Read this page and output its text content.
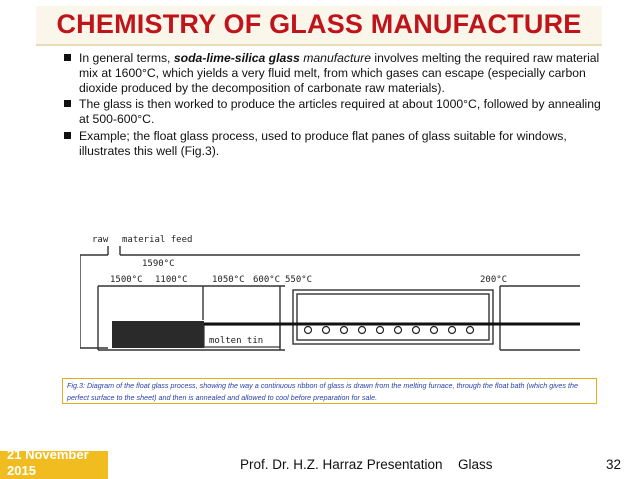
CHEMISTRY OF GLASS MANUFACTURE
In general terms, soda-lime-silica glass manufacture involves melting the required raw material mix at 1600°C, which yields a very fluid melt, from which gases can escape (especially carbon dioxide produced by the decomposition of carbonate raw materials).
The glass is then worked to produce the articles required at about 1000°C, followed by annealing at 500-600°C.
Example; the float glass process, used to produce flat panes of glass suitable for windows, illustrates this well (Fig.3).
raw material feed
1590°C
1500°C 1100°C	1050°C 600°C 550°C	200°C
molten tin
Fig.3: Diagram of the float glass process, showing the way a continuous ribbon of glass is drawn from the melting furnace, through the float bath (which gives the perfect surface to the sheet) and then is annealed and allowed to cool before preparation for sale.
21 November 2015	Prof. Dr. H.Z. Harraz Presentation Glass	32
